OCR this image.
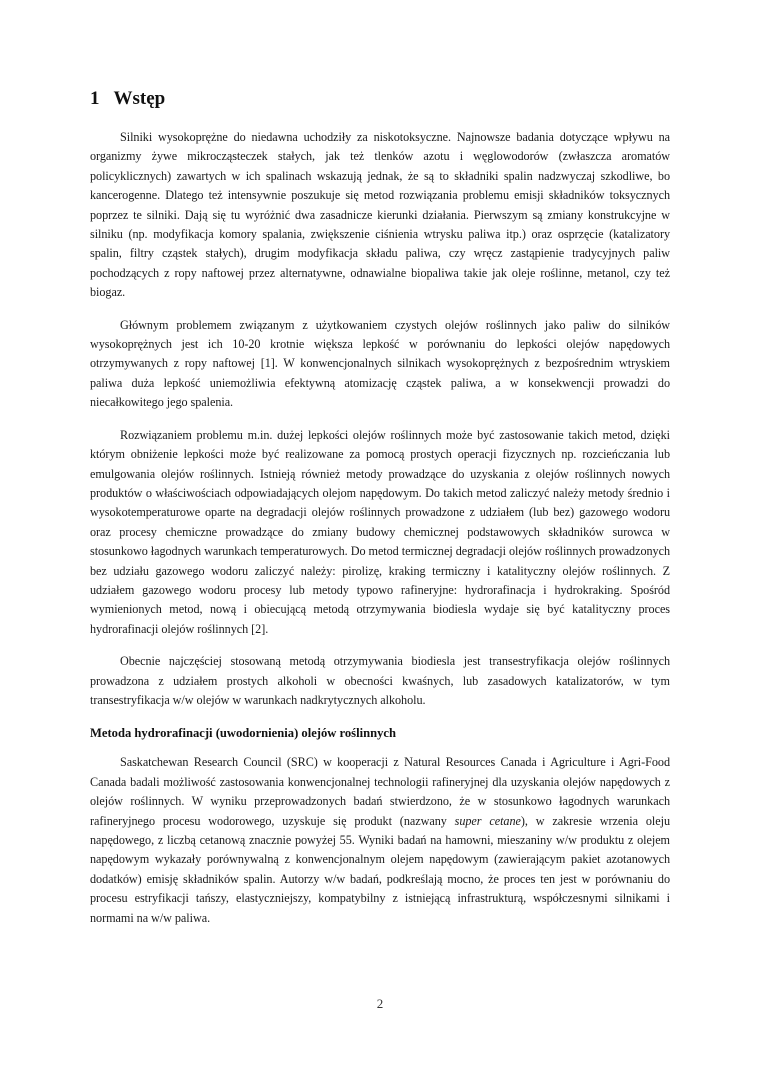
1 Wstęp

Silniki wysokoprężne do niedawna uchodziły za niskotoksyczne. Najnowsze badania dotyczące wpływu na organizmy żywe mikrocząsteczek stałych, jak też tlenków azotu i węglowodorów (zwłaszcza aromatów policyklicznych) zawartych w ich spalinach wskazują jednak, że są to składniki spalin nadzwyczaj szkodliwe, bo kancerogenne. Dlatego też intensywnie poszukuje się metod rozwiązania problemu emisji składników toksycznych poprzez te silniki. Dają się tu wyróżnić dwa zasadnicze kierunki działania. Pierwszym są zmiany konstrukcyjne w silniku (np. modyfikacja komory spalania, zwiększenie ciśnienia wtrysku paliwa itp.) oraz osprzęcie (katalizatory spalin, filtry cząstek stałych), drugim modyfikacja składu paliwa, czy wręcz zastąpienie tradycyjnych paliw pochodzących z ropy naftowej przez alternatywne, odnawialne biopaliwa takie jak oleje roślinne, metanol, czy też biogaz.

Głównym problemem związanym z użytkowaniem czystych olejów roślinnych jako paliw do silników wysokoprężnych jest ich 10-20 krotnie większa lepkość w porównaniu do lepkości olejów napędowych otrzymywanych z ropy naftowej [1]. W konwencjonalnych silnikach wysokoprężnych z bezpośrednim wtryskiem paliwa duża lepkość uniemożliwia efektywną atomizację cząstek paliwa, a w konsekwencji prowadzi do niecałkowitego jego spalenia.

Rozwiązaniem problemu m.in. dużej lepkości olejów roślinnych może być zastosowanie takich metod, dzięki którym obniżenie lepkości może być realizowane za pomocą prostych operacji fizycznych np. rozcieńczania lub emulgowania olejów roślinnych. Istnieją również metody prowadzące do uzyskania z olejów roślinnych nowych produktów o właściwościach odpowiadających olejom napędowym. Do takich metod zaliczyć należy metody średnio i wysokotemperaturowe oparte na degradacji olejów roślinnych prowadzone z udziałem (lub bez) gazowego wodoru oraz procesy chemiczne prowadzące do zmiany budowy chemicznej podstawowych składników surowca w stosunkowo łagodnych warunkach temperaturowych. Do metod termicznej degradacji olejów roślinnych prowadzonych bez udziału gazowego wodoru zaliczyć należy: pirolizę, kraking termiczny i katalityczny olejów roślinnych. Z udziałem gazowego wodoru procesy lub metody typowo rafineryjne: hydrorafinacja i hydrokraking. Spośród wymienionych metod, nową i obiecującą metodą otrzymywania biodiesla wydaje się być katalityczny proces hydrorafinacji olejów roślinnych [2].

Obecnie najczęściej stosowaną metodą otrzymywania biodiesla jest transestryfikacja olejów roślinnych prowadzona z udziałem prostych alkoholi w obecności kwaśnych, lub zasadowych katalizatorów, w tym transestryfikacja w/w olejów w warunkach nadkrytycznych alkoholu.

Metoda hydrorafinacji (uwodornienia) olejów roślinnych

Saskatchewan Research Council (SRC) w kooperacji z Natural Resources Canada i Agriculture i Agri-Food Canada badali możliwość zastosowania konwencjonalnej technologii rafineryjnej dla uzyskania olejów napędowych z olejów roślinnych. W wyniku przeprowadzonych badań stwierdzono, że w stosunkowo łagodnych warunkach rafineryjnego procesu wodorowego, uzyskuje się produkt (nazwany super cetane), w zakresie wrzenia oleju napędowego, z liczbą cetanową znacznie powyżej 55. Wyniki badań na hamowni, mieszaniny w/w produktu z olejem napędowym wykazały porównywalną z konwencjonalnym olejem napędowym (zawierającym pakiet azotanowych dodatków) emisję składników spalin. Autorzy w/w badań, podkreślają mocno, że proces ten jest w porównaniu do procesu estryfikacji tańszy, elastyczniejszy, kompatybilny z istniejącą infrastrukturą, współczesnymi silnikami i normami na w/w paliwa.

2
